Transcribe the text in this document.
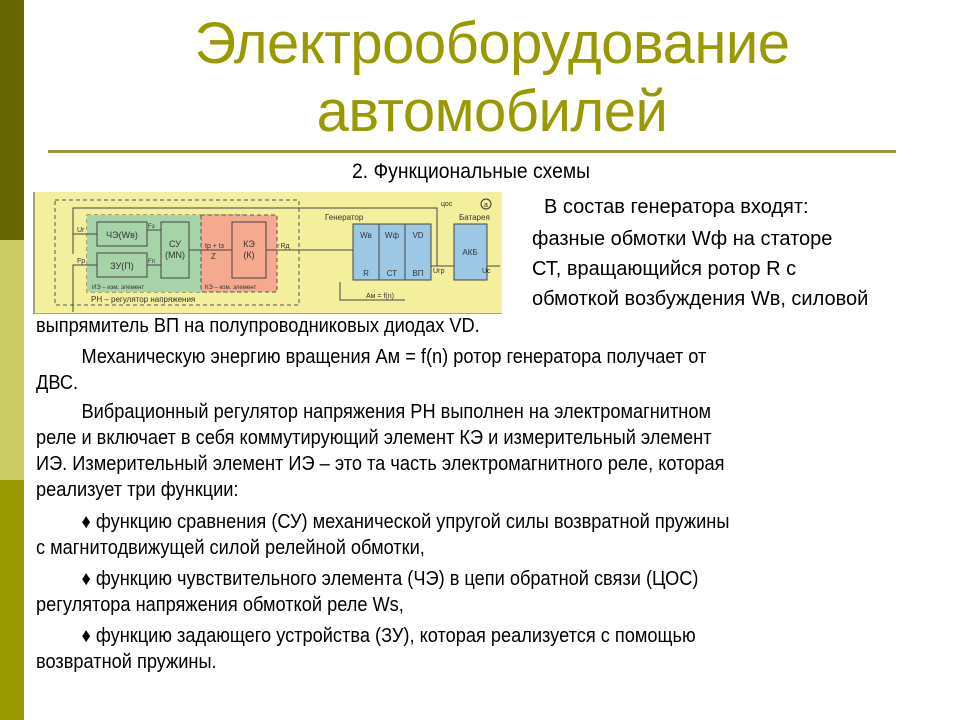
Электрооборудование
автомобилей
2. Функциональные схемы
ЧЭ(Wв)
ЗУ(П)
СУ
(MN)
КЭ
(К)
Uг
Fр
Fэ
Fп
tр + tз
Z
↑Rд
ИЭ – изм. элемент	КЭ – ком. элемент
РН – регулятор напряжения
Генератор
Wв Wф VD
R СТ ВП
Ам = f(n)
Uгр
цос
Батарея
АКБ
Uс
а	В состав генератора входят:
фазные обмотки Wф на статоре
СТ, вращающийся ротор R с
обмоткой возбуждения Wв, силовой
выпрямитель ВП на полупроводниковых диодах VD.
Механическую энергию вращения Ам = f(n) ротор генератора получает от
ДВС.
Вибрационный регулятор напряжения РН выполнен на электромагнитном
реле и включает в себя коммутирующий элемент КЭ и измерительный элемент
ИЭ. Измерительный элемент ИЭ – это та часть электромагнитного реле, которая
реализует три функции:
♦ функцию сравнения (СУ) механической упругой силы возвратной пружины
с магнитодвижущей силой релейной обмотки,
♦ функцию чувствительного элемента (ЧЭ) в цепи обратной связи (ЦОС)
регулятора напряжения обмоткой реле Ws,
♦ функцию задающего устройства (ЗУ), которая реализуется с помощью
возвратной пружины.
